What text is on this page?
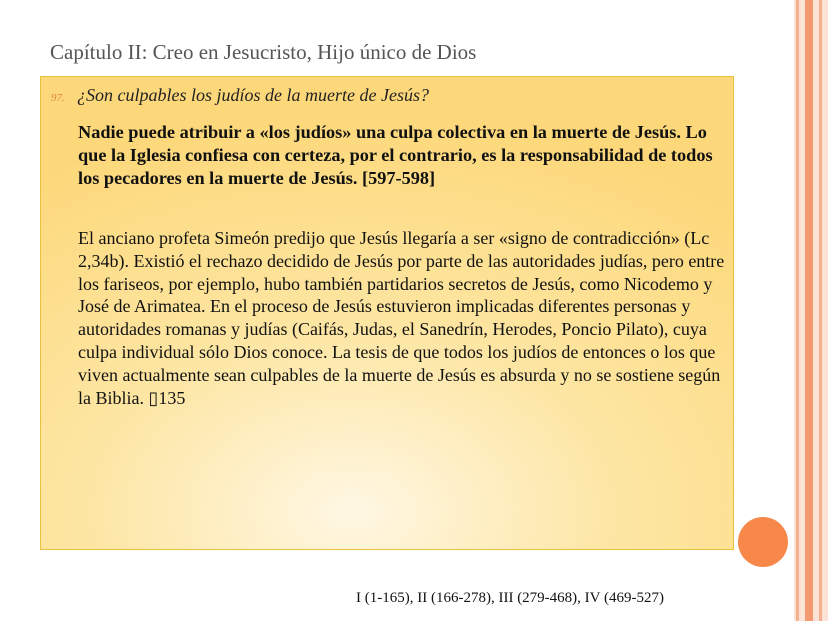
Capítulo II: Creo en Jesucristo, Hijo único de Dios
97. ¿Son culpables los judíos de la muerte de Jesús?

Nadie puede atribuir a «los judíos» una culpa colectiva en la muerte de Jesús. Lo que la Iglesia confiesa con certeza, por el contrario, es la responsabilidad de todos los pecadores en la muerte de Jesús. [597-598]

El anciano profeta Simeón predijo que Jesús llegaría a ser «signo de contradicción» (Lc 2,34b). Existió el rechazo decidido de Jesús por parte de las autoridades judías, pero entre los fariseos, por ejemplo, hubo también partidarios secretos de Jesús, como Nicodemo y José de Arimatea. En el proceso de Jesús estuvieron implicadas diferentes personas y autoridades romanas y judías (Caifás, Judas, el Sanedrín, Herodes, Poncio Pilato), cuya culpa individual sólo Dios conoce. La tesis de que todos los judíos de entonces o los que viven actualmente sean culpables de la muerte de Jesús es absurda y no se sostiene según la Biblia. ▯135

I (1-165), II (166-278), III (279-468), IV (469-527)
